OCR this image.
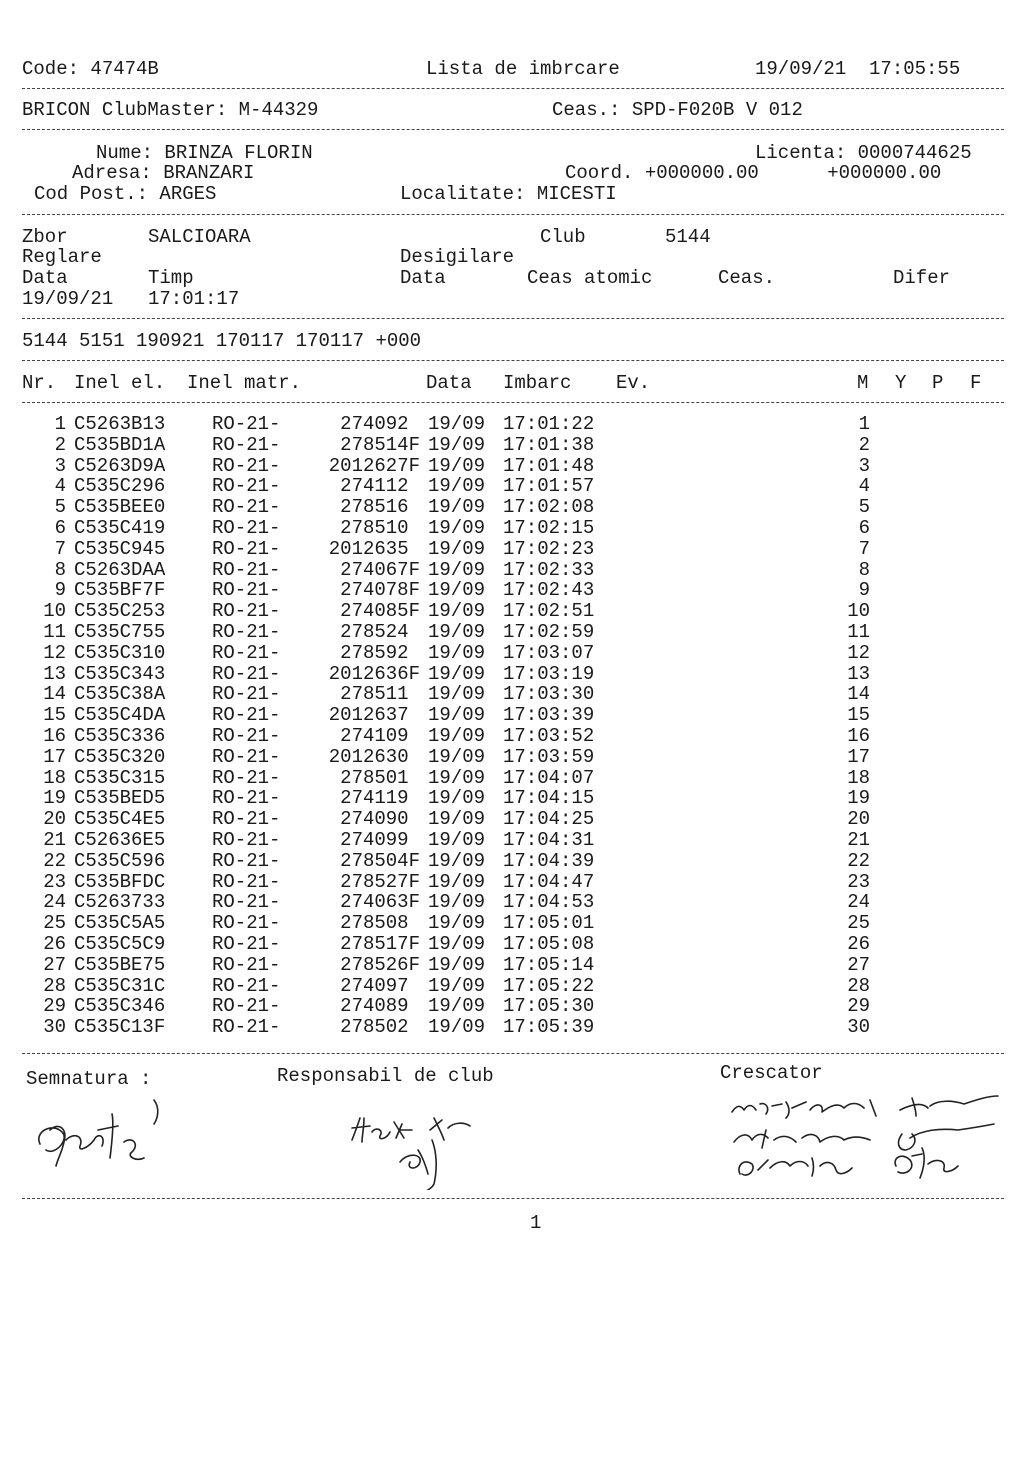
Code: 47474B	Lista de imbrcare	19/09/21  17:05:55
BRICON ClubMaster: M-44329	Ceas.: SPD-F020B V 012
Nume: BRINZA FLORIN	Licenta: 0000744625
Adresa: BRANZARI	Coord. +000000.00      +000000.00
Cod Post.: ARGES	Localitate: MICESTI
Zbor	SALCIOARA	Club	5144
Reglare	Desigilare
Data	Timp	Data	Ceas atomic	Ceas.	Difer
19/09/21 17:01:17
5144 5151 190921 170117 170117 +000
Nr. Inel el. Inel matr.	Data Imbarc Ev.	M Y P F
1 C5263B13 RO-21-	274092 19/09 17:01:22	1
2 C535BD1A RO-21-	278514F 19/09 17:01:38	2
3 C5263D9A RO-21-	2012627F 19/09 17:01:48	3
4 C535C296 RO-21-	274112 19/09 17:01:57	4
5 C535BEE0 RO-21-	278516 19/09 17:02:08	5
6 C535C419 RO-21-	278510 19/09 17:02:15	6
7 C535C945 RO-21-	2012635 19/09 17:02:23	7
8 C5263DAA RO-21-	274067F 19/09 17:02:33	8
9 C535BF7F RO-21-	274078F 19/09 17:02:43	9
10 C535C253 RO-21-	274085F 19/09 17:02:51	10
11 C535C755 RO-21-	278524 19/09 17:02:59	11
12 C535C310 RO-21-	278592 19/09 17:03:07	12
13 C535C343 RO-21-	2012636F 19/09 17:03:19	13
14 C535C38A RO-21-	278511 19/09 17:03:30	14
15 C535C4DA RO-21-	2012637 19/09 17:03:39	15
16 C535C336 RO-21-	274109 19/09 17:03:52	16
17 C535C320 RO-21-	2012630 19/09 17:03:59	17
18 C535C315 RO-21-	278501 19/09 17:04:07	18
19 C535BED5 RO-21-	274119 19/09 17:04:15	19
20 C535C4E5 RO-21-	274090 19/09 17:04:25	20
21 C52636E5 RO-21-	274099 19/09 17:04:31	21
22 C535C596 RO-21-	278504F 19/09 17:04:39	22
23 C535BFDC RO-21-	278527F 19/09 17:04:47	23
24 C5263733 RO-21-	274063F 19/09 17:04:53	24
25 C535C5A5 RO-21-	278508 19/09 17:05:01	25
26 C535C5C9 RO-21-	278517F 19/09 17:05:08	26
27 C535BE75 RO-21-	278526F 19/09 17:05:14	27
28 C535C31C RO-21-	274097 19/09 17:05:22	28
29 C535C346 RO-21-	274089 19/09 17:05:30	29
30 C535C13F RO-21-	278502 19/09 17:05:39	30
Semnatura :	Responsabil de club	Crescator
1
